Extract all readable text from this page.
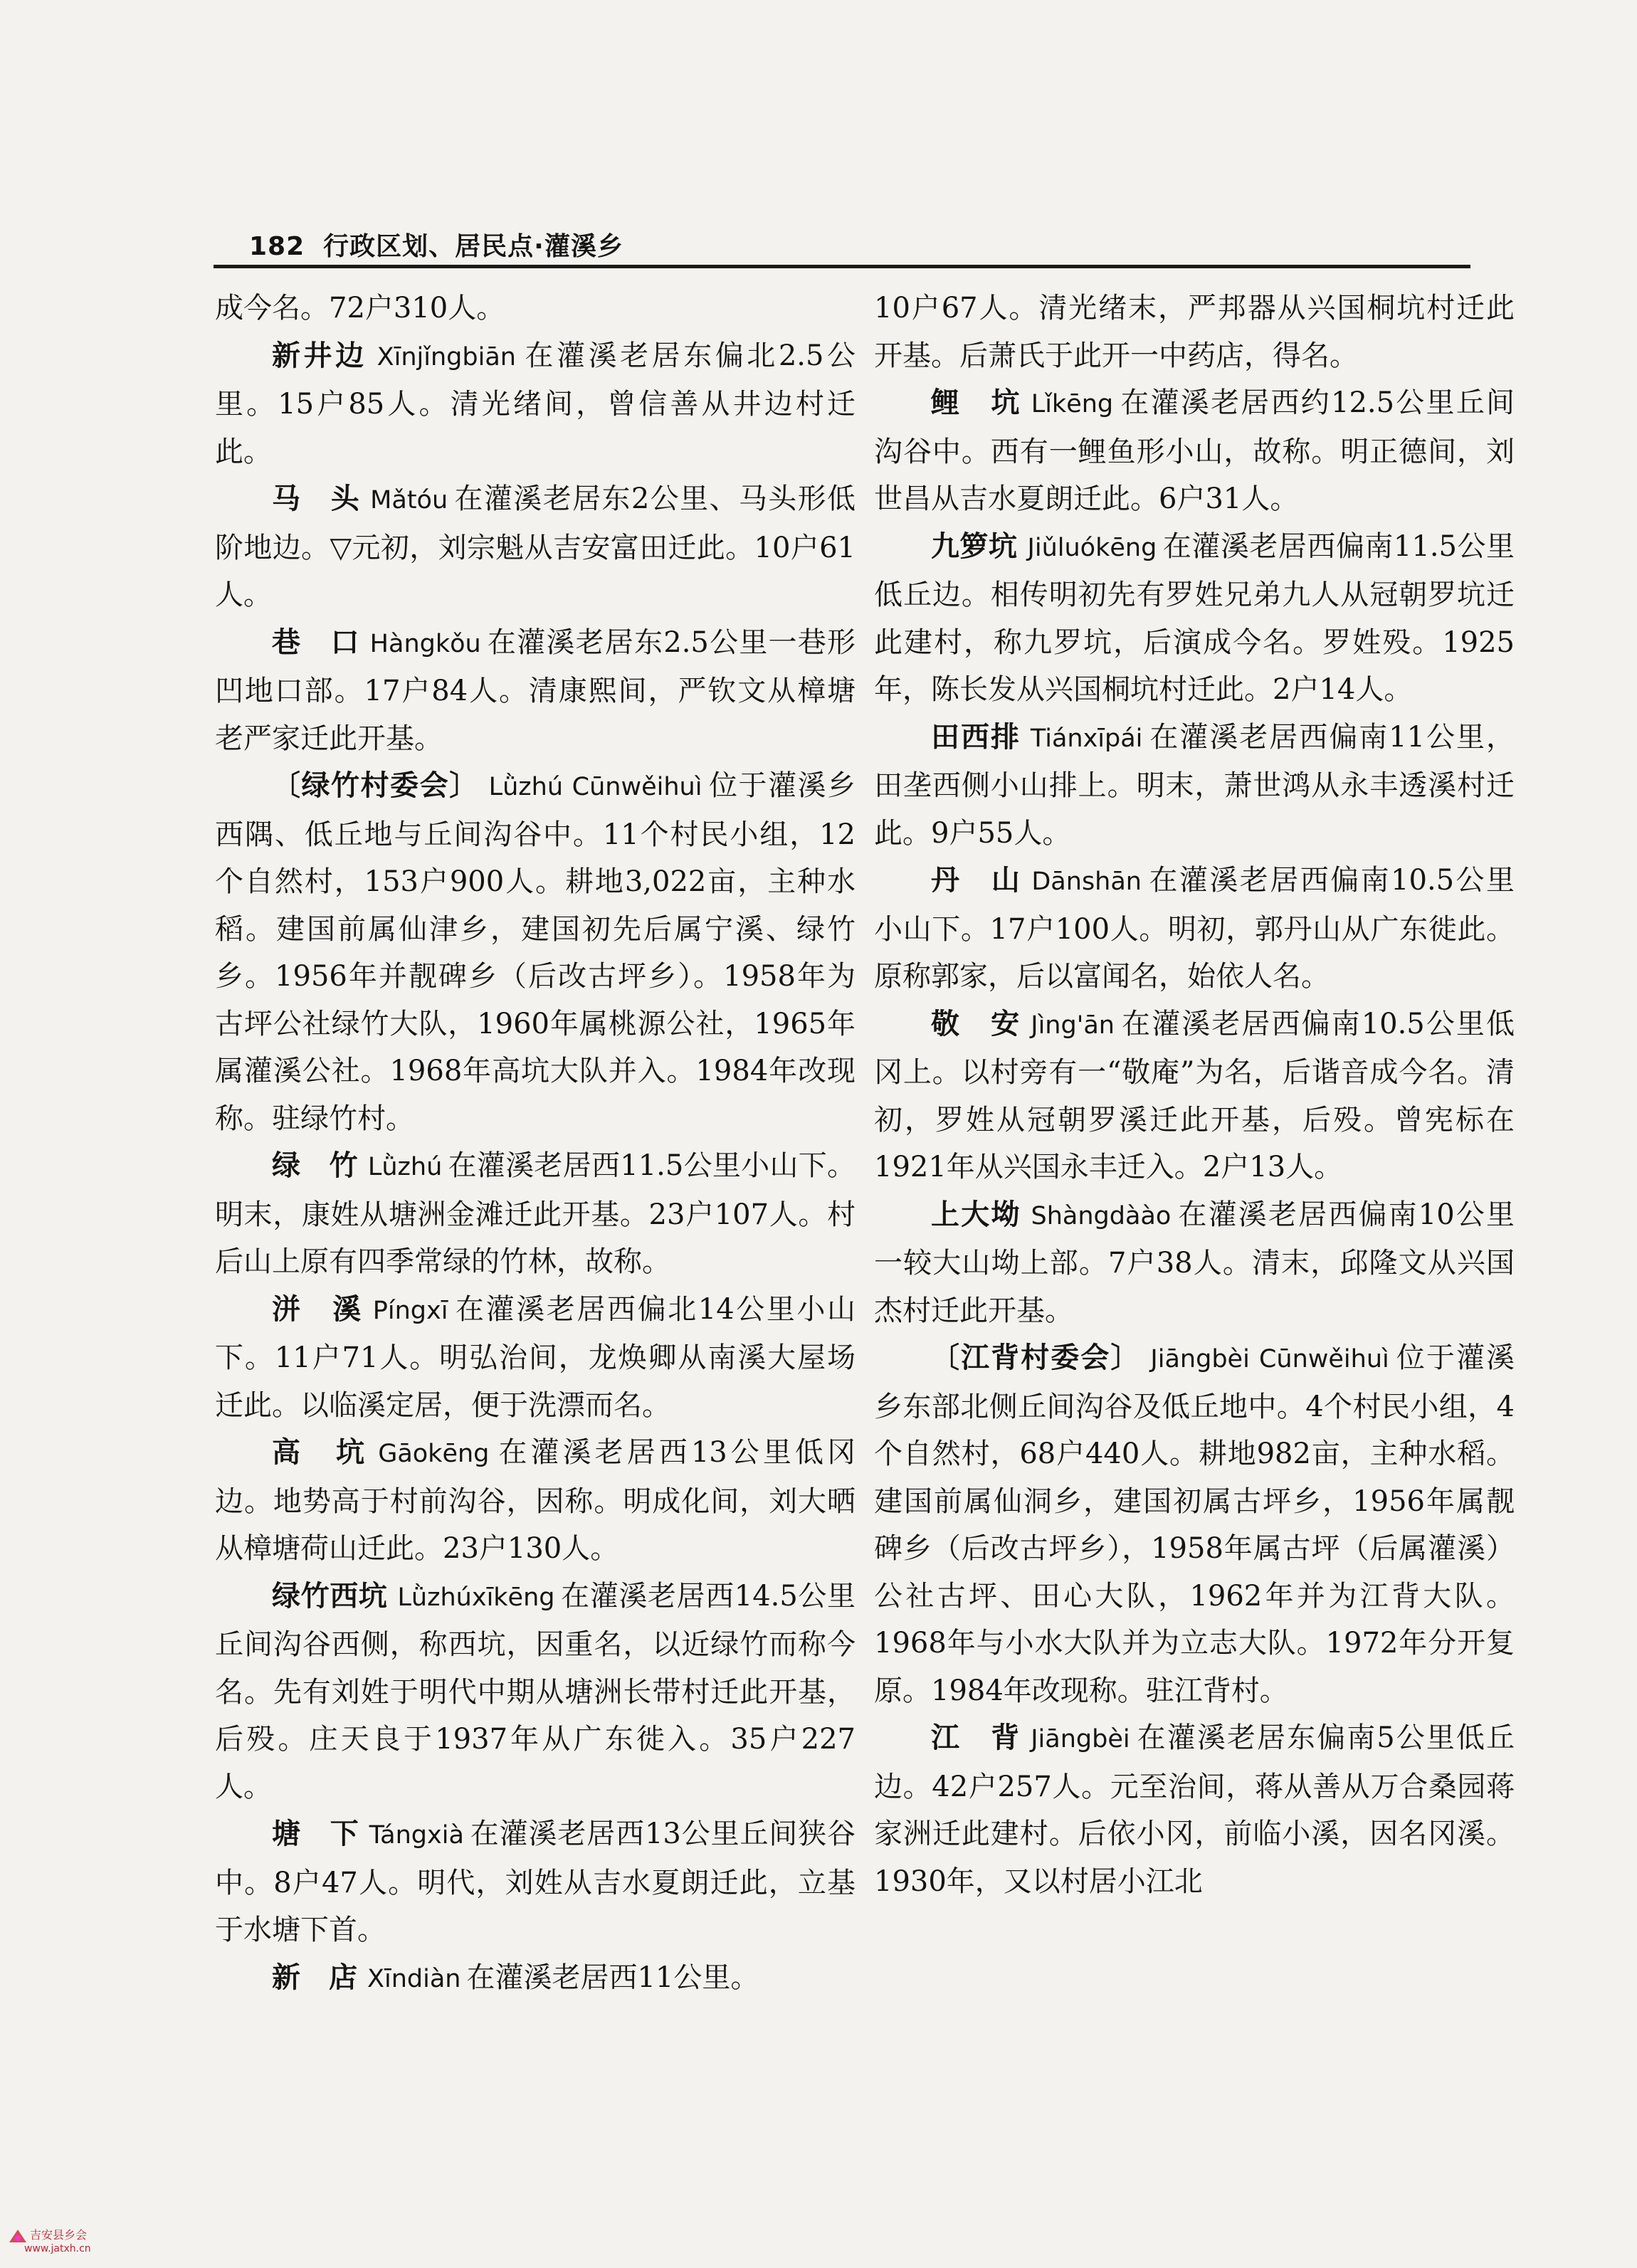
182 行政区划、居民点·灌溪乡

成今名。72户310人。

新井边 Xīnjǐngbiān 在灌溪老居东偏北2.5公里。15户85人。清光绪间，曾信善从井边村迁此。

马　头 Mǎtóu 在灌溪老居东2公里、马头形低阶地边。▽元初，刘宗魁从吉安富田迁此。10户61人。

巷　口 Hàngkǒu 在灌溪老居东2.5公里一巷形凹地口部。17户84人。清康熙间，严钦文从樟塘老严家迁此开基。

〔绿竹村委会〕 Lǜzhú Cūnwěihuì 位于灌溪乡西隅、低丘地与丘间沟谷中。11个村民小组，12个自然村，153户900人。耕地3,022亩，主种水稻。建国前属仙津乡，建国初先后属宁溪、绿竹乡。1956年并靓碑乡（后改古坪乡）。1958年为古坪公社绿竹大队，1960年属桃源公社，1965年属灌溪公社。1968年高坑大队并入。1984年改现称。驻绿竹村。

绿　竹 Lǜzhú 在灌溪老居西11.5公里小山下。明末，康姓从塘洲金滩迁此开基。23户107人。村后山上原有四季常绿的竹林，故称。

洴　溪 Píngxī 在灌溪老居西偏北14公里小山下。11户71人。明弘治间，龙焕卿从南溪大屋场迁此。以临溪定居，便于洗漂而名。

高　坑 Gāokēng 在灌溪老居西13公里低冈边。地势高于村前沟谷，因称。明成化间，刘大晒从樟塘荷山迁此。23户130人。

绿竹西坑 Lǜzhúxīkēng 在灌溪老居西14.5公里丘间沟谷西侧，称西坑，因重名，以近绿竹而称今名。先有刘姓于明代中期从塘洲长带村迁此开基，后殁。庄天良于1937年从广东徙入。35户227人。

塘　下 Tángxià 在灌溪老居西13公里丘间狭谷中。8户47人。明代，刘姓从吉水夏朗迁此，立基于水塘下首。

新　店 Xīndiàn 在灌溪老居西11公里。

10户67人。清光绪末，严邦器从兴国桐坑村迁此开基。后萧氏于此开一中药店，得名。

鲤　坑 Lǐkēng 在灌溪老居西约12.5公里丘间沟谷中。西有一鲤鱼形小山，故称。明正德间，刘世昌从吉水夏朗迁此。6户31人。

九箩坑 Jiǔluókēng 在灌溪老居西偏南11.5公里低丘边。相传明初先有罗姓兄弟九人从冠朝罗坑迁此建村，称九罗坑，后演成今名。罗姓殁。1925年，陈长发从兴国桐坑村迁此。2户14人。

田西排 Tiánxīpái 在灌溪老居西偏南11公里，田垄西侧小山排上。明末，萧世鸿从永丰透溪村迁此。9户55人。

丹　山 Dānshān 在灌溪老居西偏南10.5公里小山下。17户100人。明初，郭丹山从广东徙此。原称郭家，后以富闻名，始依人名。

敬　安 Jìng'ān 在灌溪老居西偏南10.5公里低冈上。以村旁有一“敬庵”为名，后谐音成今名。清初，罗姓从冠朝罗溪迁此开基，后殁。曾宪标在1921年从兴国永丰迁入。2户13人。

上大坳 Shàngdàào 在灌溪老居西偏南10公里一较大山坳上部。7户38人。清末，邱隆文从兴国杰村迁此开基。

〔江背村委会〕 Jiāngbèi Cūnwěihuì 位于灌溪乡东部北侧丘间沟谷及低丘地中。4个村民小组，4个自然村，68户440人。耕地982亩，主种水稻。建国前属仙洞乡，建国初属古坪乡，1956年属靓碑乡（后改古坪乡），1958年属古坪（后属灌溪）公社古坪、田心大队，1962年并为江背大队。1968年与小水大队并为立志大队。1972年分开复原。1984年改现称。驻江背村。

江　背 Jiāngbèi 在灌溪老居东偏南5公里低丘边。42户257人。元至治间，蒋从善从万合桑园蒋家洲迁此建村。后依小冈，前临小溪，因名冈溪。1930年，又以村居小江北

吉安县乡会
www.jatxh.cn
